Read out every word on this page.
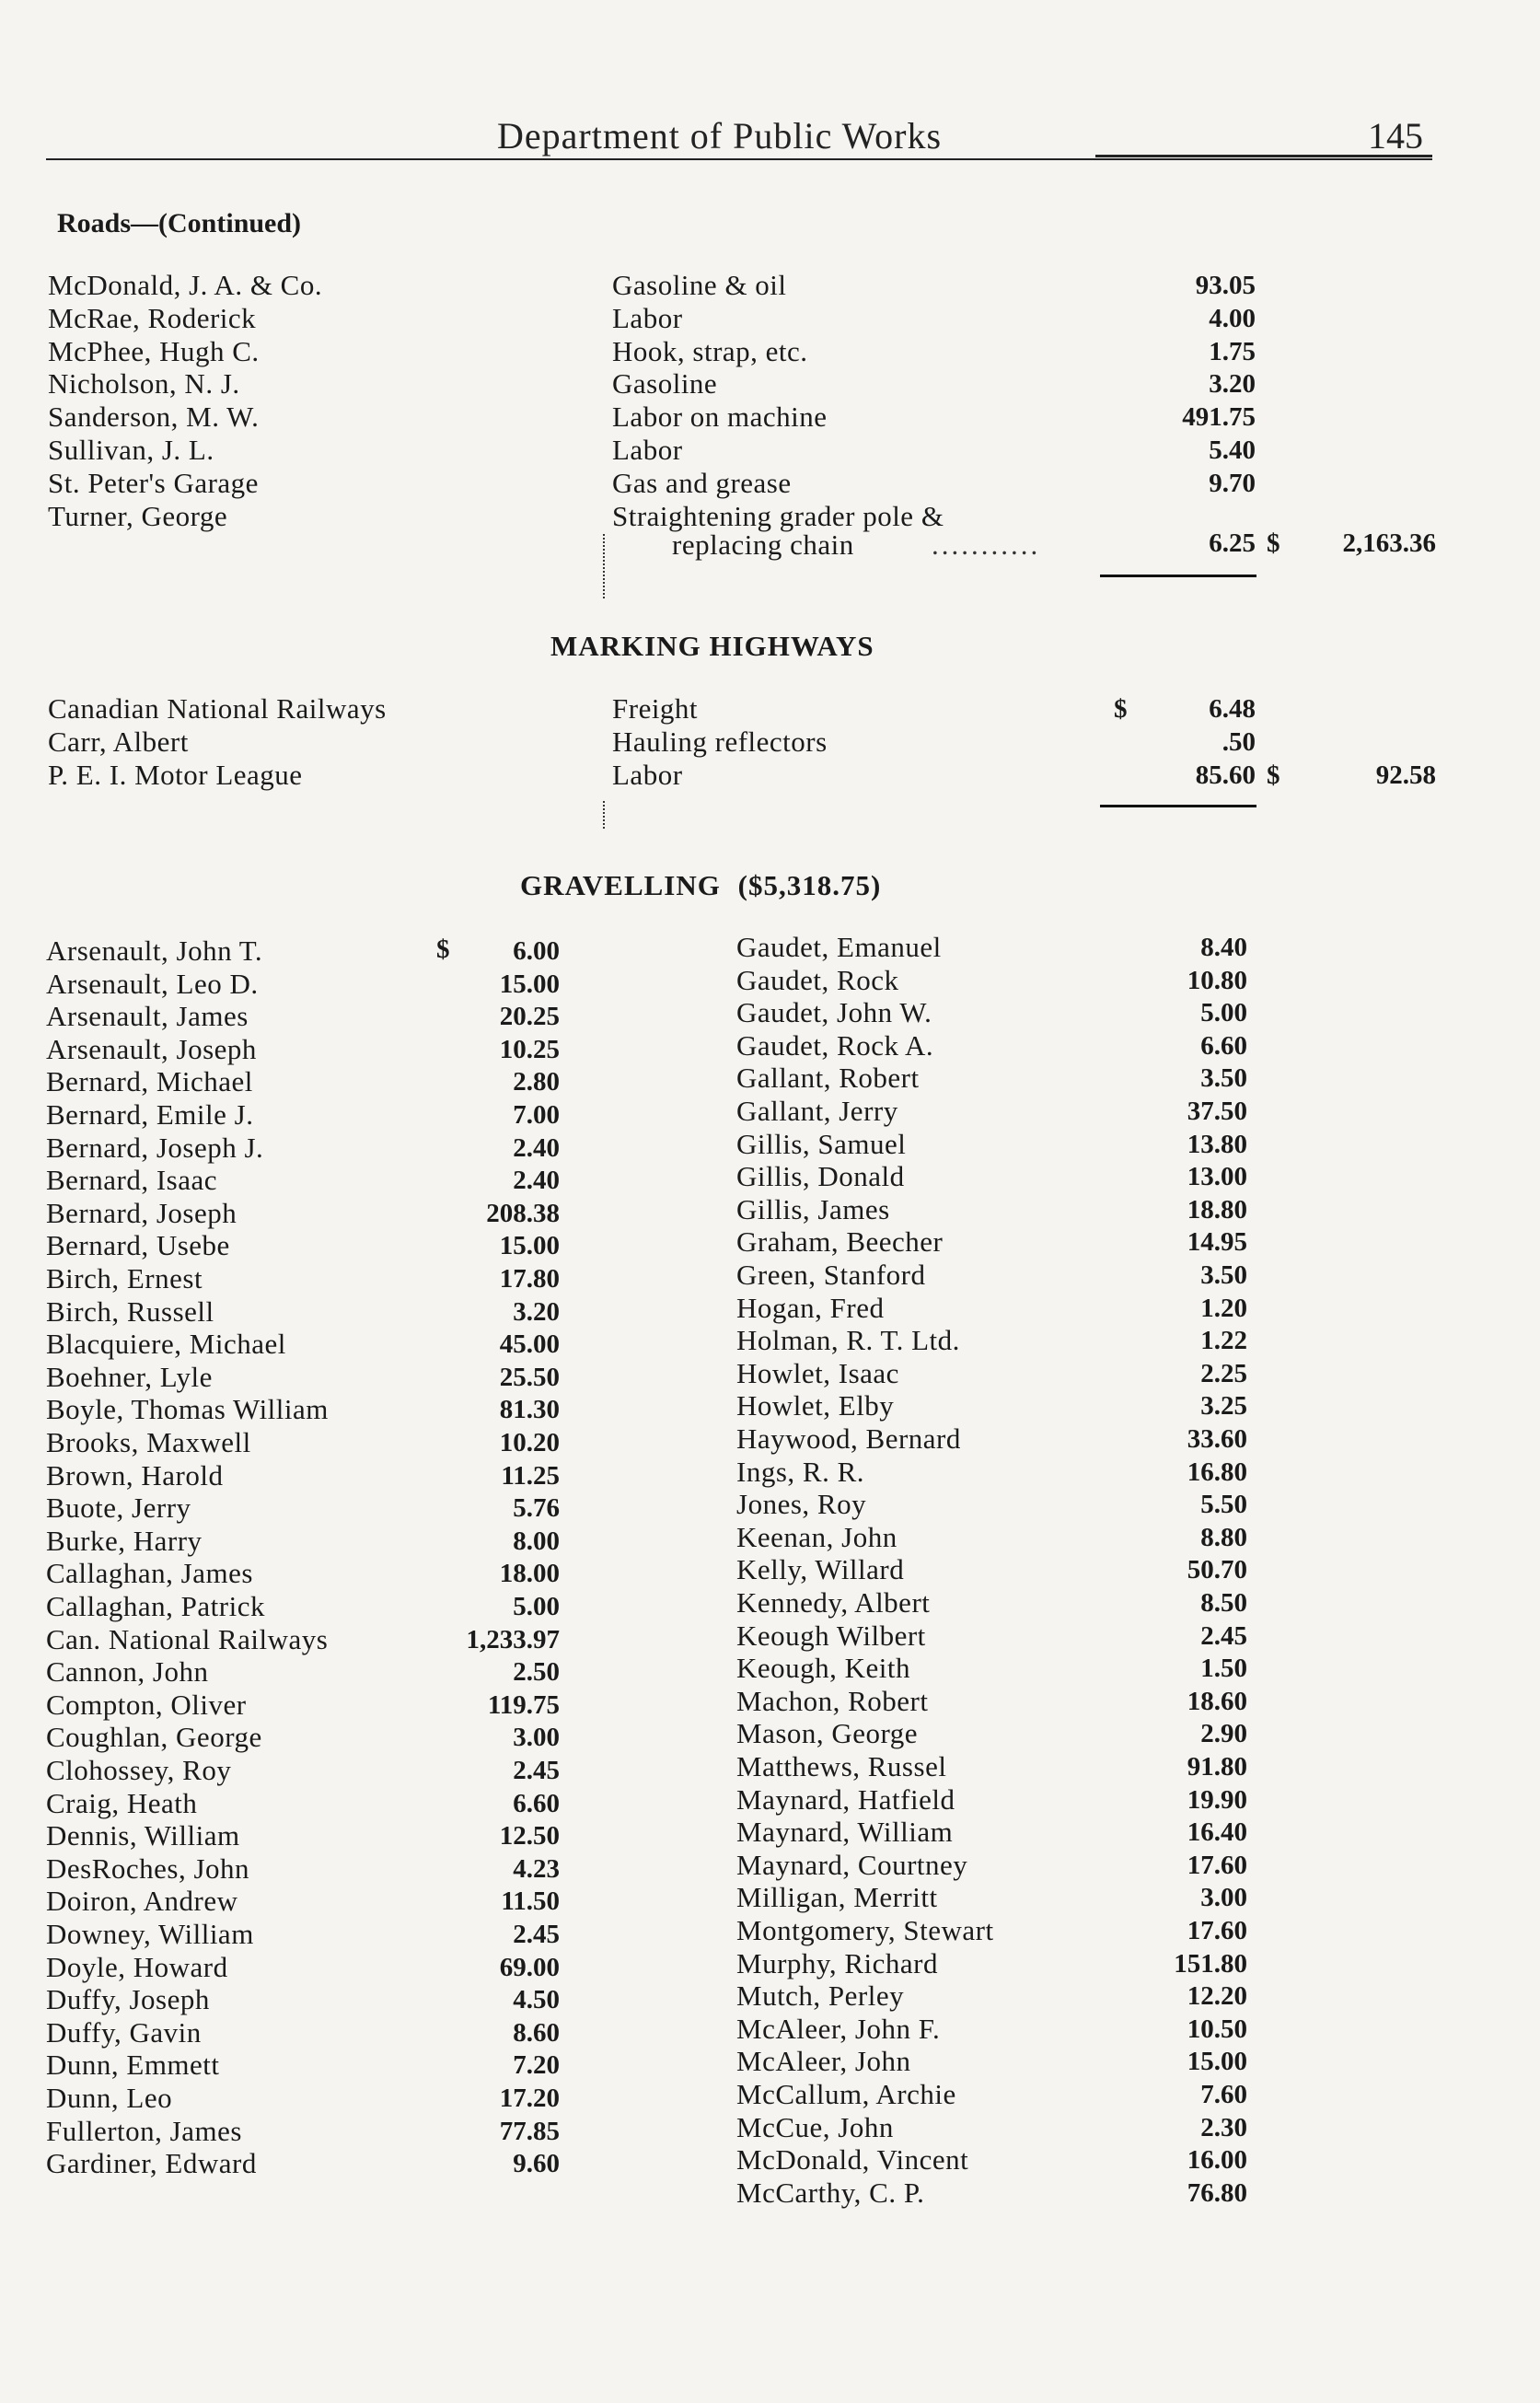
Department of Public Works	145
Roads—(Continued)
McDonald, J. A. & Co.	Gasoline & oil	93.05
McRae, Roderick	Labor	4.00
McPhee, Hugh C.	Hook, strap, etc.	1.75
Nicholson, N. J.	Gasoline	3.20
Sanderson, M. W.	Labor on machine	491.75
Sullivan, J. L.	Labor	5.40
St. Peter's Garage	Gas and grease	9.70
Turner, George	Straightening grader pole &
replacing chain	...........	6.25 $	2,163.36
MARKING HIGHWAYS
Canadian National Railways	Freight	$	6.48
Carr, Albert	Hauling reflectors	.50
P. E. I. Motor League	Labor	85.60 $	92.58
GRAVELLING ($5,318.75)
$
Arsenault, John T.	6.00
Arsenault, Leo D.	15.00
Arsenault, James	20.25
Arsenault, Joseph	10.25
Bernard, Michael	2.80
Bernard, Emile J.	7.00
Bernard, Joseph J.	2.40
Bernard, Isaac	2.40
Bernard, Joseph	208.38
Bernard, Usebe	15.00
Birch, Ernest	17.80
Birch, Russell	3.20
Blacquiere, Michael	45.00
Boehner, Lyle	25.50
Boyle, Thomas William	81.30
Brooks, Maxwell	10.20
Brown, Harold	11.25
Buote, Jerry	5.76
Burke, Harry	8.00
Callaghan, James	18.00
Callaghan, Patrick	5.00
Can. National Railways	1,233.97
Cannon, John	2.50
Compton, Oliver	119.75
Coughlan, George	3.00
Clohossey, Roy	2.45
Craig, Heath	6.60
Dennis, William	12.50
DesRoches, John	4.23
Doiron, Andrew	11.50
Downey, William	2.45
Doyle, Howard	69.00
Duffy, Joseph	4.50
Duffy, Gavin	8.60
Dunn, Emmett	7.20
Dunn, Leo	17.20
Fullerton, James	77.85
Gardiner, Edward	9.60
Gaudet, Emanuel	8.40
Gaudet, Rock	10.80
Gaudet, John W.	5.00
Gaudet, Rock A.	6.60
Gallant, Robert	3.50
Gallant, Jerry	37.50
Gillis, Samuel	13.80
Gillis, Donald	13.00
Gillis, James	18.80
Graham, Beecher	14.95
Green, Stanford	3.50
Hogan, Fred	1.20
Holman, R. T. Ltd.	1.22
Howlet, Isaac	2.25
Howlet, Elby	3.25
Haywood, Bernard	33.60
Ings, R. R.	16.80
Jones, Roy	5.50
Keenan, John	8.80
Kelly, Willard	50.70
Kennedy, Albert	8.50
Keough Wilbert	2.45
Keough, Keith	1.50
Machon, Robert	18.60
Mason, George	2.90
Matthews, Russel	91.80
Maynard, Hatfield	19.90
Maynard, William	16.40
Maynard, Courtney	17.60
Milligan, Merritt	3.00
Montgomery, Stewart	17.60
Murphy, Richard	151.80
Mutch, Perley	12.20
McAleer, John F.	10.50
McAleer, John	15.00
McCallum, Archie	7.60
McCue, John	2.30
McDonald, Vincent	16.00
McCarthy, C. P.	76.80
